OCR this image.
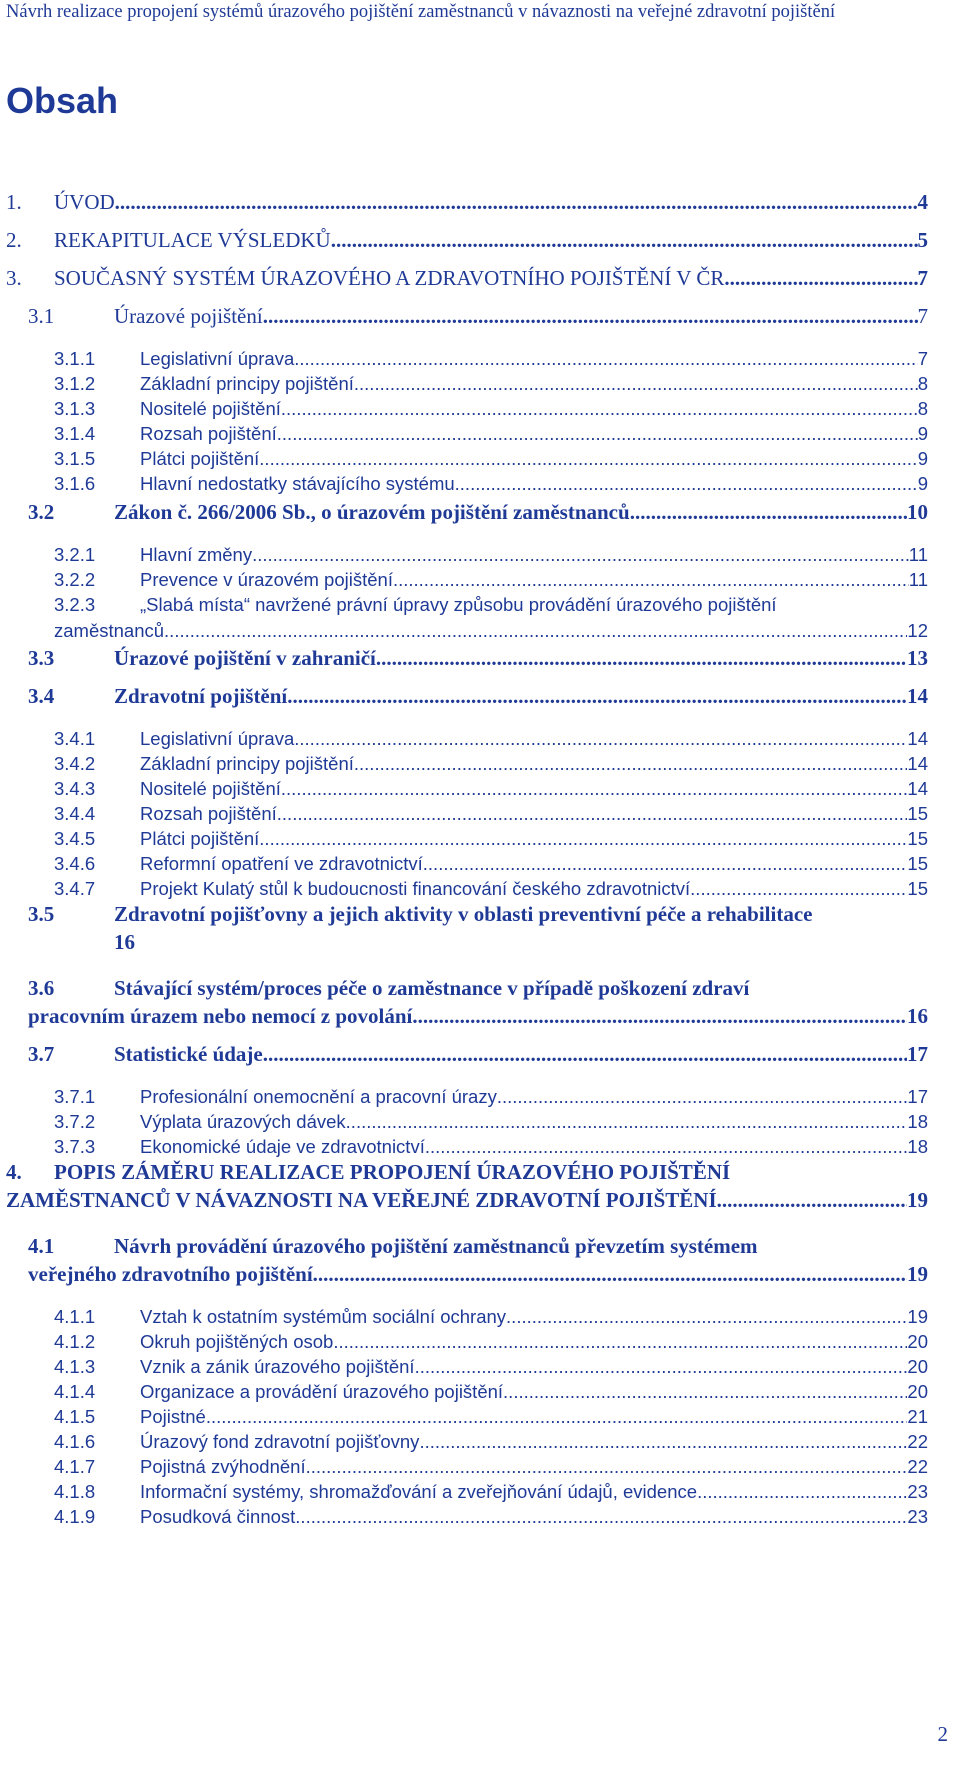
Návrh realizace propojení systémů úrazového pojištění zaměstnanců v návaznosti na veřejné zdravotní pojištění
Obsah
1.	ÚVOD .....	4
2.	REKAPITULACE VÝSLEDKŮ .....	5
3.	SOUČASNÝ SYSTÉM ÚRAZOVÉHO A ZDRAVOTNÍHO POJIŠTĚNÍ V ČR .....	7
3.1	Úrazové pojištění .....	7
3.1.1	Legislativní úprava .....	7
3.1.2	Základní principy pojištění .....	8
3.1.3	Nositelé pojištění .....	8
3.1.4	Rozsah pojištění .....	9
3.1.5	Plátci pojištění .....	9
3.1.6	Hlavní nedostatky stávajícího systému .....	9
3.2	Zákon č. 266/2006 Sb., o úrazovém pojištění zaměstnanců .....	10
3.2.1	Hlavní změny .....	11
3.2.2	Prevence v úrazovém pojištění .....	11
3.2.3	„Slabá místa“ navržené právní úpravy způsobu provádění úrazového pojištění
zaměstnanců .....	12
3.3	Úrazové pojištění v zahraničí .....	13
3.4	Zdravotní pojištění .....	14
3.4.1	Legislativní úprava .....	14
3.4.2	Základní principy pojištění .....	14
3.4.3	Nositelé pojištění .....	14
3.4.4	Rozsah pojištění .....	15
3.4.5	Plátci pojištění .....	15
3.4.6	Reformní opatření ve zdravotnictví .....	15
3.4.7	Projekt Kulatý stůl k budoucnosti financování českého zdravotnictví .....	15
3.5	Zdravotní pojišťovny a jejich aktivity v oblasti preventivní péče a rehabilitace
16
3.6	Stávající systém/proces péče o zaměstnance v případě poškození zdraví
pracovním úrazem nebo nemocí z povolání .....	16
3.7	Statistické údaje .....	17
3.7.1	Profesionální onemocnění a pracovní úrazy .....	17
3.7.2	Výplata úrazových dávek .....	18
3.7.3	Ekonomické údaje ve zdravotnictví .....	18
4.	POPIS ZÁMĚRU REALIZACE PROPOJENÍ ÚRAZOVÉHO POJIŠTĚNÍ
ZAMĚSTNANCŮ V NÁVAZNOSTI NA VEŘEJNÉ ZDRAVOTNÍ POJIŠTĚNÍ .....	19
4.1	Návrh provádění úrazového pojištění zaměstnanců převzetím systémem
veřejného zdravotního pojištění .....	19
4.1.1	Vztah k ostatním systémům sociální ochrany .....	19
4.1.2	Okruh pojištěných osob .....	20
4.1.3	Vznik a zánik úrazového pojištění .....	20
4.1.4	Organizace a provádění úrazového pojištění .....	20
4.1.5	Pojistné .....	21
4.1.6	Úrazový fond zdravotní pojišťovny .....	22
4.1.7	Pojistná zvýhodnění .....	22
4.1.8	Informační systémy, shromažďování a zveřejňování údajů, evidence .....	23
4.1.9	Posudková činnost .....	23
2
